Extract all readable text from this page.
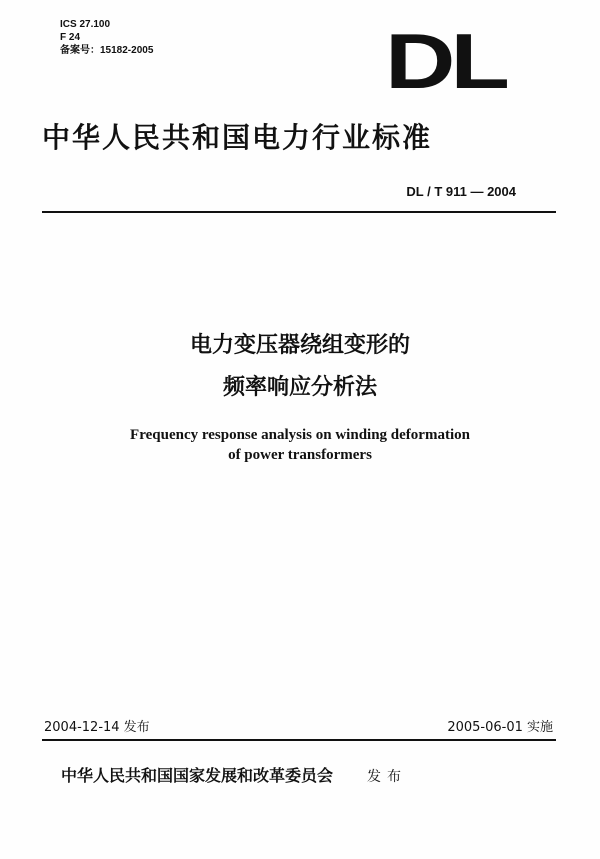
ICS 27.100
F 24
备案号：15182-2005	DL
中华人民共和国电力行业标准
DL / T 911 — 2004
电力变压器绕组变形的
频率响应分析法
Frequency response analysis on winding deformation
of power transformers
2004-12-14 发布	2005-06-01 实施
中华人民共和国国家发展和改革委员会 发布
